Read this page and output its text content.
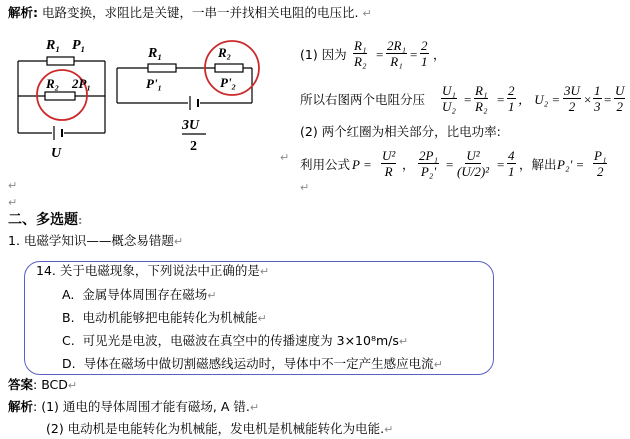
解析: 电路变换，求阻比是关键，一串一并找相关电阻的电压比. ↵
R₁ P₁
R₂ 2P₁
U
R₁
P'₁
R₂
P'₂
3U
2
(1) 因为 $\frac{\text{R₁}}{\text{R₂}} = \frac{\text{2R₁}}{\text{R₁}} = \frac{2}{1}$ ，
所以右图两个电阻分压 $\frac{\text{U₁}}{\text{U₂}} = \frac{\text{R₁}}{\text{R₂}} = \frac{2}{1}$ ， $U_2 = \frac{3U}{2} \times \frac{1}{3} = \frac{U}{2}$
(2) 两个红圈为相关部分，比电功率:
利用公式 $P = \frac{\text{U²}}{R}$ ， $\frac{\text{2P₁}}{\text{P₂'}} = \frac{\text{U²}}{\text{(U/2)²}} = \frac{4}{1}$ ，解出 $P_2' = \frac{\text{P₁}}{2}$
↵
↵	↵
↵
二、多选题:
1. 电磁学知识——概念易错题↵
14. 关于电磁现象，下列说法中正确的是↵
A. 金属导体周围存在磁场↵
B. 电动机能够把电能转化为机械能↵
C. 可见光是电波，电磁波在真空中的传播速度为 3×10⁸m/s↵
D. 导体在磁场中做切割磁感线运动时，导体中不一定产生感应电流↵
答案: BCD↵
解析: (1) 通电的导体周围才能有磁场, A 错.↵
(2) 电动机是电能转化为机械能，发电机是机械能转化为电能.↵
